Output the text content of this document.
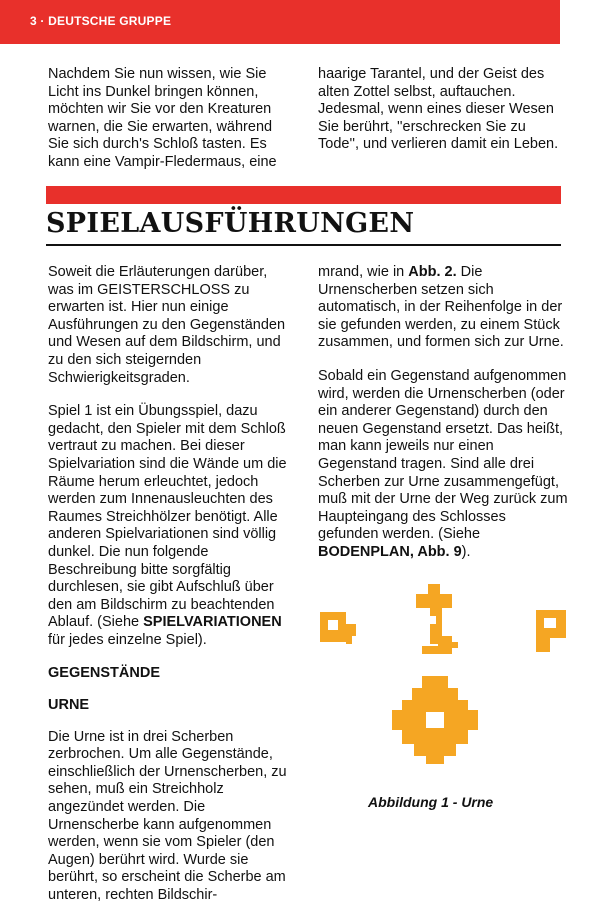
3 · DEUTSCHE GRUPPE

Nachdem Sie nun wissen, wie Sie Licht ins Dunkel bringen können, möchten wir Sie vor den Kreaturen warnen, die Sie erwarten, während Sie sich durch's Schloß tasten. Es kann eine Vampir-Fledermaus, eine

haarige Tarantel, und der Geist des alten Zottel selbst, auftauchen. Jedesmal, wenn eines dieser Wesen Sie berührt, ''erschrecken Sie zu Tode'', und verlieren damit ein Leben.

SPIELAUSFÜHRUNGEN

Soweit die Erläuterungen darüber, was im GEISTERSCHLOSS zu erwarten ist. Hier nun einige Ausführungen zu den Gegenständen und Wesen auf dem Bildschirm, und zu den sich steigernden Schwierigkeitsgraden.

Spiel 1 ist ein Übungsspiel, dazu gedacht, den Spieler mit dem Schloß vertraut zu machen. Bei dieser Spielvariation sind die Wände um die Räume herum erleuchtet, jedoch werden zum Innenausleuchten des Raumes Streichhölzer benötigt. Alle anderen Spielvariationen sind völlig dunkel. Die nun folgende Beschreibung bitte sorgfältig durchlesen, sie gibt Aufschluß über den am Bildschirm zu beachtenden Ablauf. (Siehe SPIELVARIATIONEN für jedes einzelne Spiel).

GEGENSTÄNDE
URNE

Die Urne ist in drei Scherben zerbrochen. Um alle Gegenstände, einschließlich der Urnenscherben, zu sehen, muß ein Streichholz angezündet werden. Die Urnenscherbe kann aufgenommen werden, wenn sie vom Spieler (den Augen) berührt wird. Wurde sie berührt, so erscheint die Scherbe am unteren, rechten Bildschir-

mrand, wie in Abb. 2. Die Urnenscherben setzen sich automatisch, in der Reihenfolge in der sie gefunden werden, zu einem Stück zusammen, und formen sich zur Urne.

Sobald ein Gegenstand aufgenommen wird, werden die Urnenscherben (oder ein anderer Gegenstand) durch den neuen Gegenstand ersetzt. Das heißt, man kann jeweils nur einen Gegenstand tragen. Sind alle drei Scherben zur Urne zusammengefügt, muß mit der Urne der Weg zurück zum Haupteingang des Schlosses gefunden werden. (Siehe BODENPLAN, Abb. 9).

Abbildung 1 - Urne
